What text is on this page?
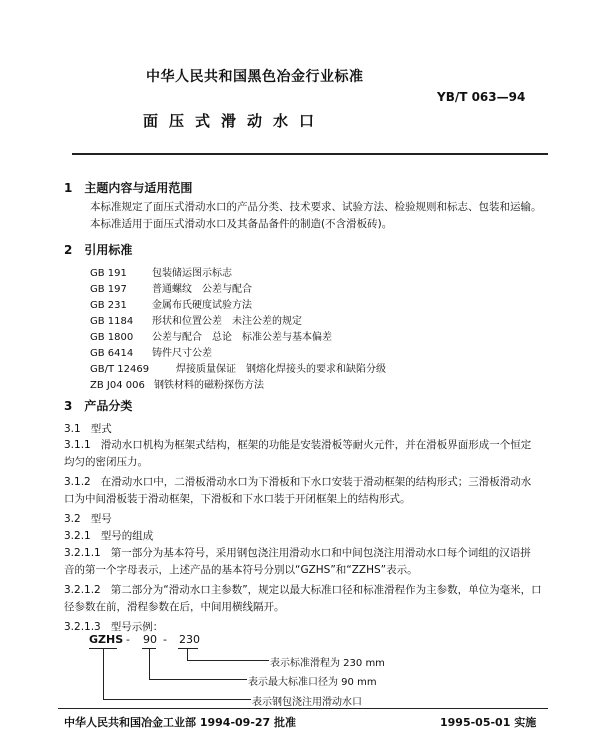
中华人民共和国黑色冶金行业标准
YB/T 063—94
面压式滑动水口
1　主题内容与适用范围
本标准规定了面压式滑动水口的产品分类、技术要求、试验方法、检验规则和标志、包装和运输。
本标准适用于面压式滑动水口及其备品备件的制造(不含滑板砖)。
2　引用标准
GB 191	包装储运图示标志
GB 197	普通螺纹　公差与配合
GB 231	金属布氏硬度试验方法
GB 1184 形状和位置公差　未注公差的规定
GB 1800 公差与配合　总论　标准公差与基本偏差
GB 6414 铸件尺寸公差
GB/T 12469	焊接质量保证　钢熔化焊接头的要求和缺陷分级
ZB J04 006 钢铁材料的磁粉探伤方法
3　产品分类
3.1 型式
3.1.1 滑动水口机构为框架式结构，框架的功能是安装滑板等耐火元件，并在滑板界面形成一个恒定
均匀的密闭压力。
3.1.2 在滑动水口中，二滑板滑动水口为下滑板和下水口安装于滑动框架的结构形式；三滑板滑动水
口为中间滑板装于滑动框架，下滑板和下水口装于开闭框架上的结构形式。
3.2 型号
3.2.1 型号的组成
3.2.1.1 第一部分为基本符号，采用钢包浇注用滑动水口和中间包浇注用滑动水口每个词组的汉语拼
音的第一个字母表示，上述产品的基本符号分别以“GZHS”和“ZZHS”表示。
3.2.1.2 第二部分为“滑动水口主参数”，规定以最大标准口径和标准滑程作为主参数，单位为毫米，口
径参数在前，滑程参数在后，中间用横线隔开。
3.2.1.3 型号示例：
GZHS - 90 - 230
表示标准滑程为 230 mm
表示最大标准口径为 90 mm
表示钢包浇注用滑动水口
中华人民共和国冶金工业部 1994-09-27 批准	1995-05-01 实施
